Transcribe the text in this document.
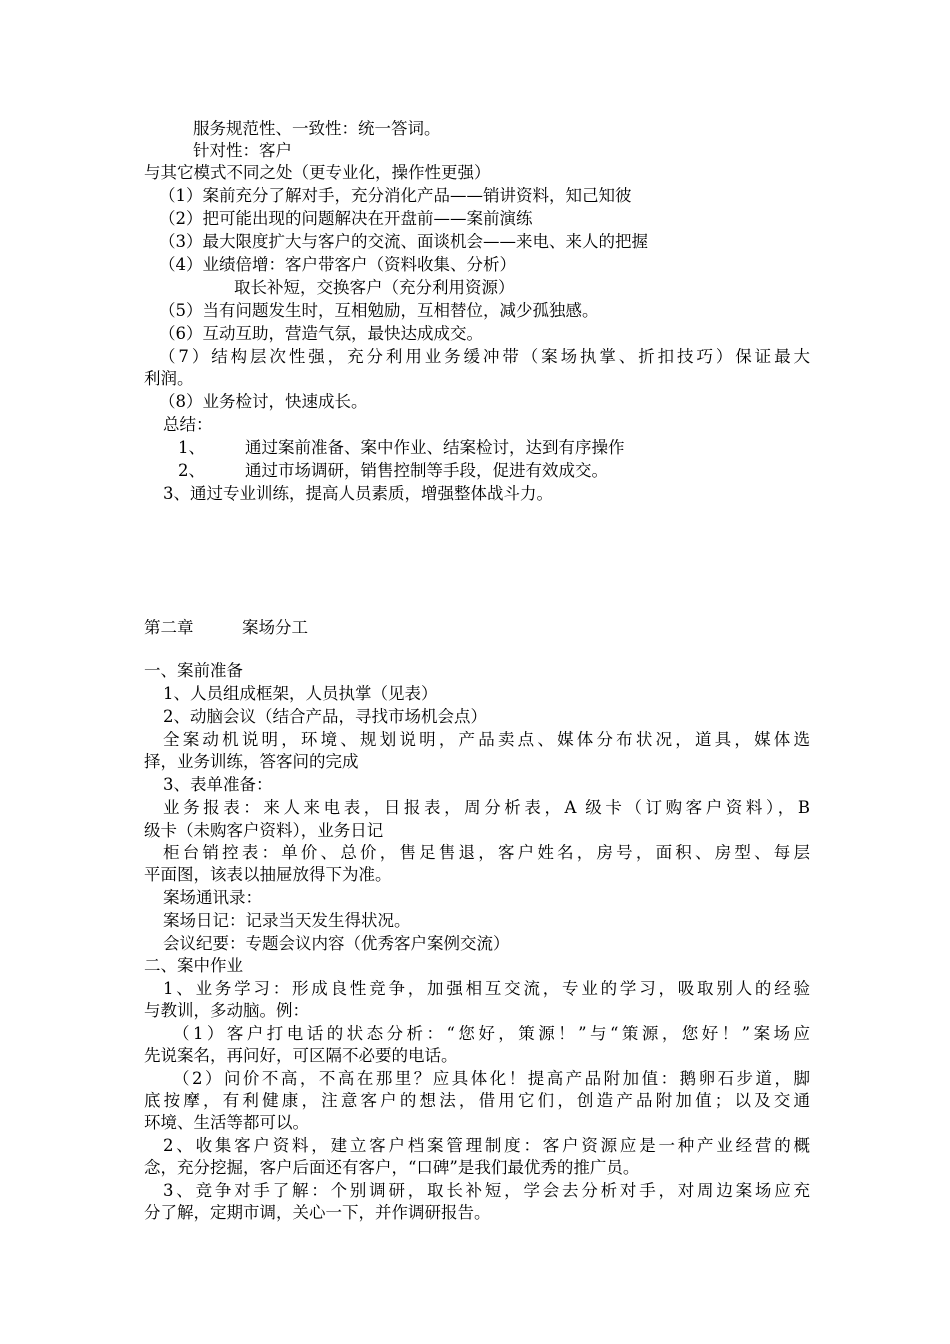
服务规范性、一致性：统一答词。

针对性：客户

与其它模式不同之处（更专业化，操作性更强）

（1）案前充分了解对手，充分消化产品——销讲资料，知己知彼

（2）把可能出现的问题解决在开盘前——案前演练

（3）最大限度扩大与客户的交流、面谈机会——来电、来人的把握

（4）业绩倍增：客户带客户（资料收集、分析）

取长补短，交换客户（充分利用资源）

（5）当有问题发生时，互相勉励，互相替位，减少孤独感。

（6）互动互助，营造气氛，最快达成成交。

（7）结构层次性强，充分利用业务缓冲带（案场执掌、折扣技巧）保证最大

利润。

（8）业务检讨，快速成长。

总结：

1、	通过案前准备、案中作业、结案检讨，达到有序操作

2、	通过市场调研，销售控制等手段，促进有效成交。

3、通过专业训练，提高人员素质，增强整体战斗力。

第二章	案场分工

一、案前准备

1、人员组成框架，人员执掌（见表）

2、动脑会议（结合产品，寻找市场机会点）

全案动机说明，环境、规划说明，产品卖点、媒体分布状况，道具，媒体选

择，业务训练，答客问的完成

3、表单准备：

业务报表：来人来电表，日报表，周分析表，A 级卡（订购客户资料），B

级卡（未购客户资料），业务日记

柜台销控表：单价、总价，售足售退，客户姓名，房号，面积、房型、每层

平面图，该表以抽屉放得下为准。

案场通讯录：

案场日记：记录当天发生得状况。

会议纪要：专题会议内容（优秀客户案例交流）

二、案中作业

1、业务学习：形成良性竞争，加强相互交流，专业的学习，吸取别人的经验

与教训，多动脑。例：

（1）客户打电话的状态分析：“您好，策源！”与“策源，您好！”案场应

先说案名，再问好，可区隔不必要的电话。

（2）问价不高，不高在那里？应具体化！提高产品附加值：鹅卵石步道，脚

底按摩，有利健康，注意客户的想法，借用它们，创造产品附加值；以及交通

环境、生活等都可以。

2、收集客户资料，建立客户档案管理制度：客户资源应是一种产业经营的概

念，充分挖掘，客户后面还有客户，“口碑”是我们最优秀的推广员。

3、竞争对手了解：个别调研，取长补短，学会去分析对手，对周边案场应充

分了解，定期市调，关心一下，并作调研报告。
